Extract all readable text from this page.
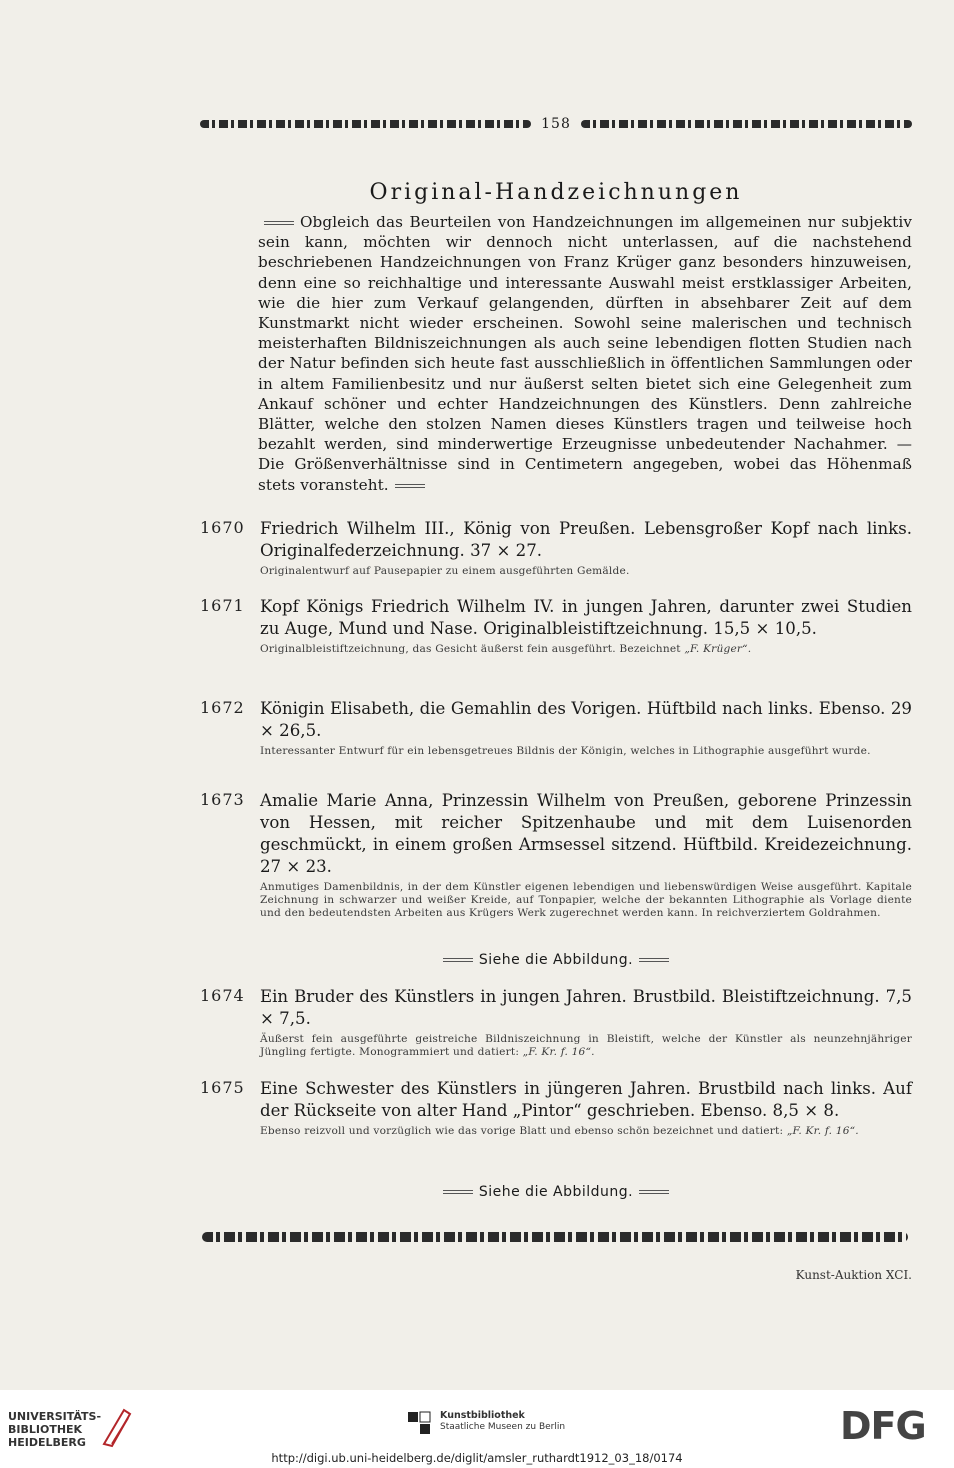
158
Original-Handzeichnungen
Obgleich das Beurteilen von Handzeichnungen im allgemeinen nur subjektiv sein kann, möchten wir dennoch nicht unterlassen, auf die nachstehend beschriebenen Handzeichnungen von Franz Krüger ganz besonders hinzuweisen, denn eine so reichhaltige und interessante Auswahl meist erstklassiger Arbeiten, wie die hier zum Verkauf gelangenden, dürften in absehbarer Zeit auf dem Kunstmarkt nicht wieder erscheinen. Sowohl seine malerischen und technisch meisterhaften Bildniszeichnungen als auch seine lebendigen flotten Studien nach der Natur befinden sich heute fast ausschließlich in öffentlichen Sammlungen oder in altem Familienbesitz und nur äußerst selten bietet sich eine Gelegenheit zum Ankauf schöner und echter Handzeichnungen des Künstlers. Denn zahlreiche Blätter, welche den stolzen Namen dieses Künstlers tragen und teilweise hoch bezahlt werden, sind minderwertige Erzeugnisse unbedeutender Nachahmer. — Die Größenverhältnisse sind in Centimetern angegeben, wobei das Höhenmaß stets voransteht.
1670 Friedrich Wilhelm III., König von Preußen. Lebensgroßer Kopf nach links. Originalfederzeichnung. 37 × 27.
Originalentwurf auf Pausepapier zu einem ausgeführten Gemälde.
1671 Kopf Königs Friedrich Wilhelm IV. in jungen Jahren, darunter zwei Studien zu Auge, Mund und Nase. Originalbleistiftzeichnung. 15,5 × 10,5.
Originalbleistiftzeichnung, das Gesicht äußerst fein ausgeführt. Bezeichnet „F. Krüger“.
1672 Königin Elisabeth, die Gemahlin des Vorigen. Hüftbild nach links. Ebenso. 29 × 26,5.
Interessanter Entwurf für ein lebensgetreues Bildnis der Königin, welches in Lithographie ausgeführt wurde.
1673 Amalie Marie Anna, Prinzessin Wilhelm von Preußen, geborene Prinzessin von Hessen, mit reicher Spitzenhaube und mit dem Luisenorden geschmückt, in einem großen Armsessel sitzend. Hüftbild. Kreidezeichnung. 27 × 23.
Anmutiges Damenbildnis, in der dem Künstler eigenen lebendigen und liebenswürdigen Weise ausgeführt. Kapitale Zeichnung in schwarzer und weißer Kreide, auf Tonpapier, welche der bekannten Lithographie als Vorlage diente und den bedeutendsten Arbeiten aus Krügers Werk zugerechnet werden kann. In reichverziertem Goldrahmen.
Siehe die Abbildung.
1674 Ein Bruder des Künstlers in jungen Jahren. Brustbild. Bleistiftzeichnung. 7,5 × 7,5.
Äußerst fein ausgeführte geistreiche Bildniszeichnung in Bleistift, welche der Künstler als neunzehnjähriger Jüngling fertigte. Monogrammiert und datiert: „F. Kr. f. 16“.
1675 Eine Schwester des Künstlers in jüngeren Jahren. Brustbild nach links. Auf der Rückseite von alter Hand „Pintor“ geschrieben. Ebenso. 8,5 × 8.
Ebenso reizvoll und vorzüglich wie das vorige Blatt und ebenso schön bezeichnet und datiert: „F. Kr. f. 16“.
Siehe die Abbildung.
Kunst-Auktion XCI.
UNIVERSITÄTS-
BIBLIOTHEK
HEIDELBERG
Kunstbibliothek
Staatliche Museen zu Berlin	DFG
http://digi.ub.uni-heidelberg.de/diglit/amsler_ruthardt1912_03_18/0174
